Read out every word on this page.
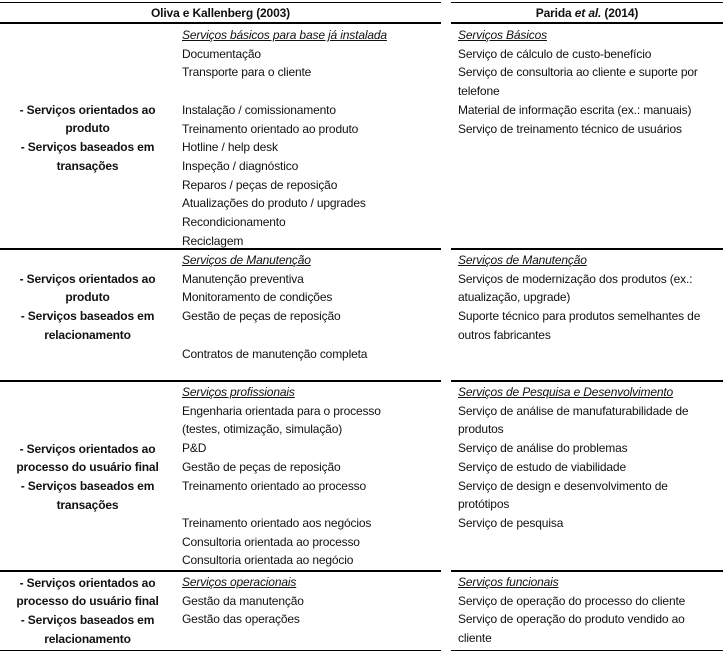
Oliva e Kallenberg (2003)	Parida et al. (2014)
- Serviços orientados ao
produto
- Serviços baseados em
transações
Serviços básicos para base já instalada
Documentação
Transporte para o cliente
Instalação / comissionamento
Treinamento orientado ao produto
Hotline / help desk
Inspeção / diagnóstico
Reparos / peças de reposição
Atualizações do produto / upgrades
Recondicionamento
Reciclagem
Serviços Básicos
Serviço de cálculo de custo-benefício
Serviço de consultoria ao cliente e suporte por telefone
Material de informação escrita (ex.: manuais)
Serviço de treinamento técnico de usuários
- Serviços orientados ao
produto
- Serviços baseados em
relacionamento
Serviços de Manutenção
Manutenção preventiva
Monitoramento de condições
Gestão de peças de reposição
Contratos de manutenção completa
Serviços de Manutenção
Serviços de modernização dos produtos (ex.: atualização, upgrade)
Suporte técnico para produtos semelhantes de outros fabricantes
- Serviços orientados ao
processo do usuário final
- Serviços baseados em
transações
Serviços profissionais
Engenharia orientada para o processo (testes, otimização, simulação)
P&D
Gestão de peças de reposição
Treinamento orientado ao processo
Treinamento orientado aos negócios
Consultoria orientada ao processo
Consultoria orientada ao negócio
Serviços de Pesquisa e Desenvolvimento
Serviço de análise de manufaturabilidade de produtos
Serviço de análise do problemas
Serviço de estudo de viabilidade
Serviço de design e desenvolvimento de protótipos
Serviço de pesquisa
- Serviços orientados ao
processo do usuário final
- Serviços baseados em
relacionamento
Serviços operacionais
Gestão da manutenção
Gestão das operações
Serviços funcionais
Serviço de operação do processo do cliente
Serviço de operação do produto vendido ao cliente
